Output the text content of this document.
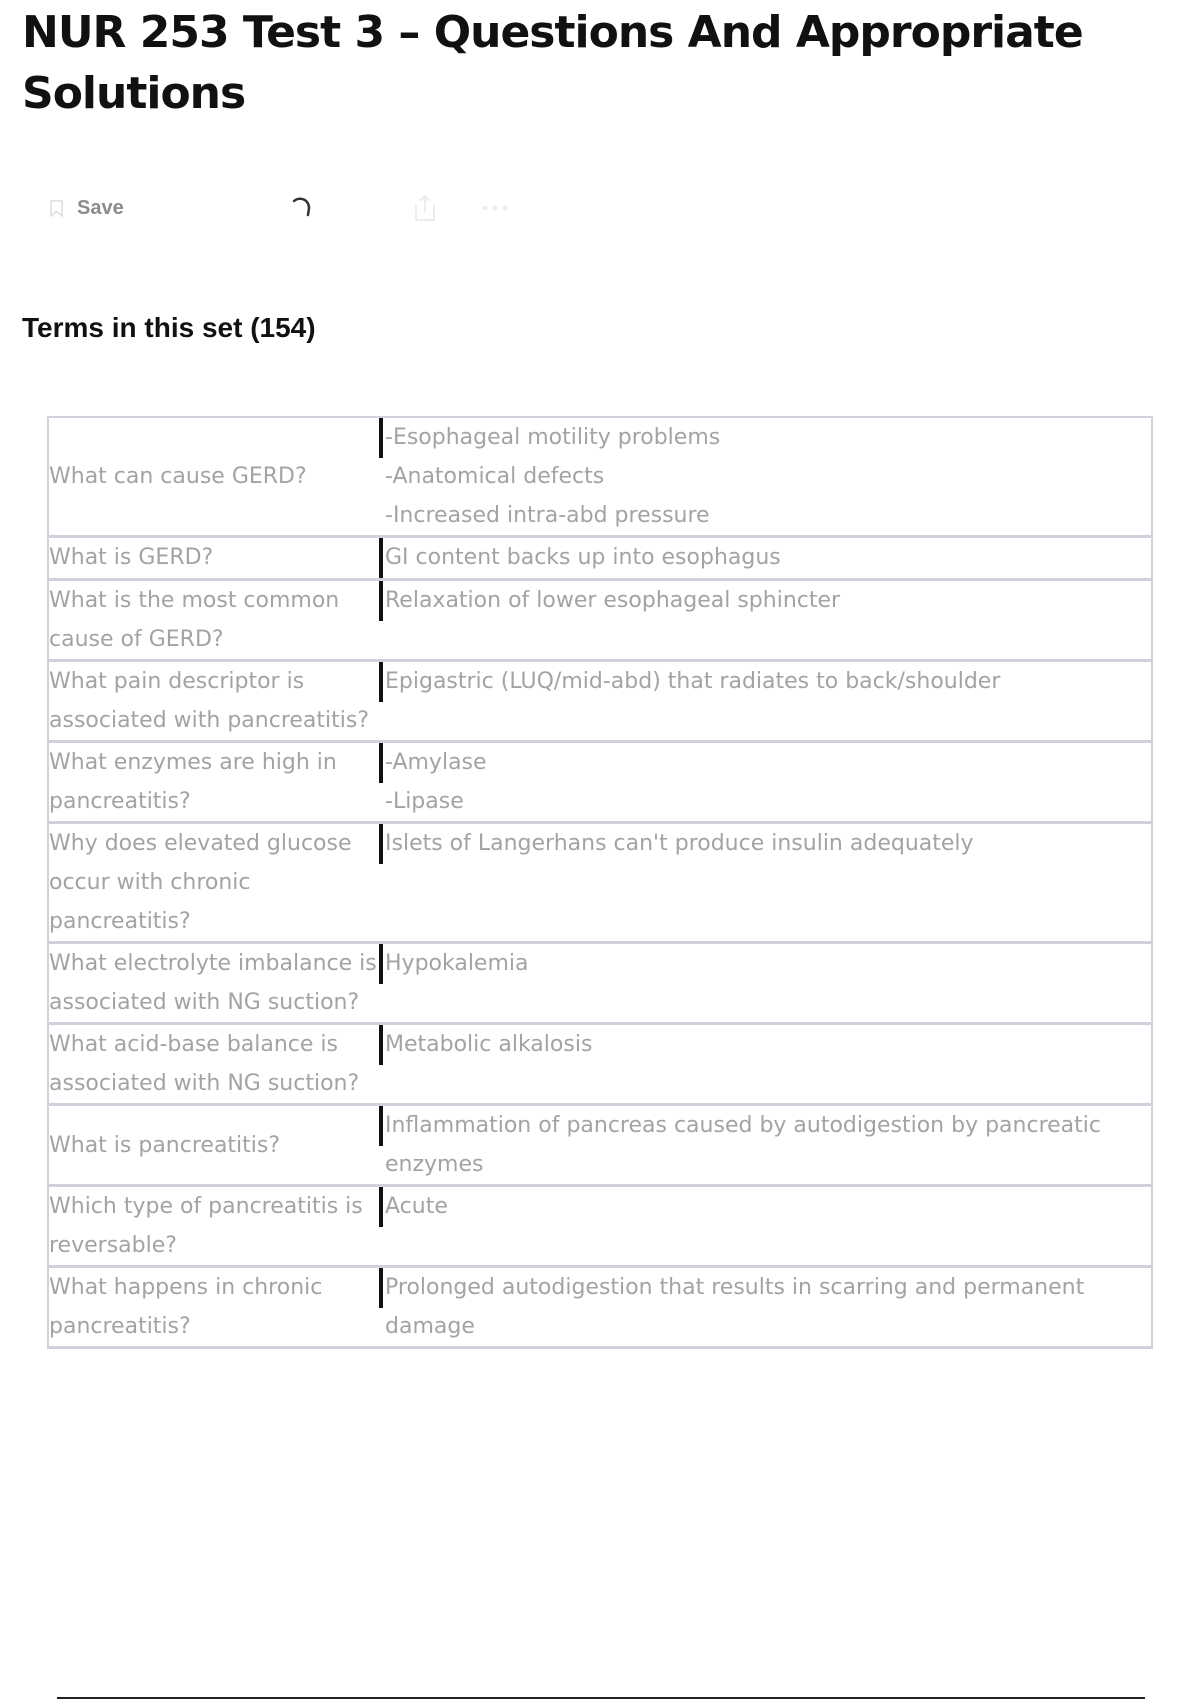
NUR 253 Test 3 – Questions And Appropriate Solutions
Save
Terms in this set (154)
What can cause GERD?		-Esophageal motility problems
-Anatomical defects
-Increased intra-abd pressure

What is GERD?		GI content backs up into esophagus

What is the most common cause of GERD?		Relaxation of lower esophageal sphincter

What pain descriptor is associated with pancreatitis?		Epigastric (LUQ/mid-abd) that radiates to back/shoulder

What enzymes are high in pancreatitis?		-Amylase
-Lipase

Why does elevated glucose occur with chronic pancreatitis?		Islets of Langerhans can't produce insulin adequately

What electrolyte imbalance is associated with NG suction?		Hypokalemia

What acid-base balance is associated with NG suction?		Metabolic alkalosis

What is pancreatitis?		Inflammation of pancreas caused by autodigestion by pancreatic enzymes

Which type of pancreatitis is reversable?		Acute

What happens in chronic pancreatitis?		Prolonged autodigestion that results in scarring and permanent damage
